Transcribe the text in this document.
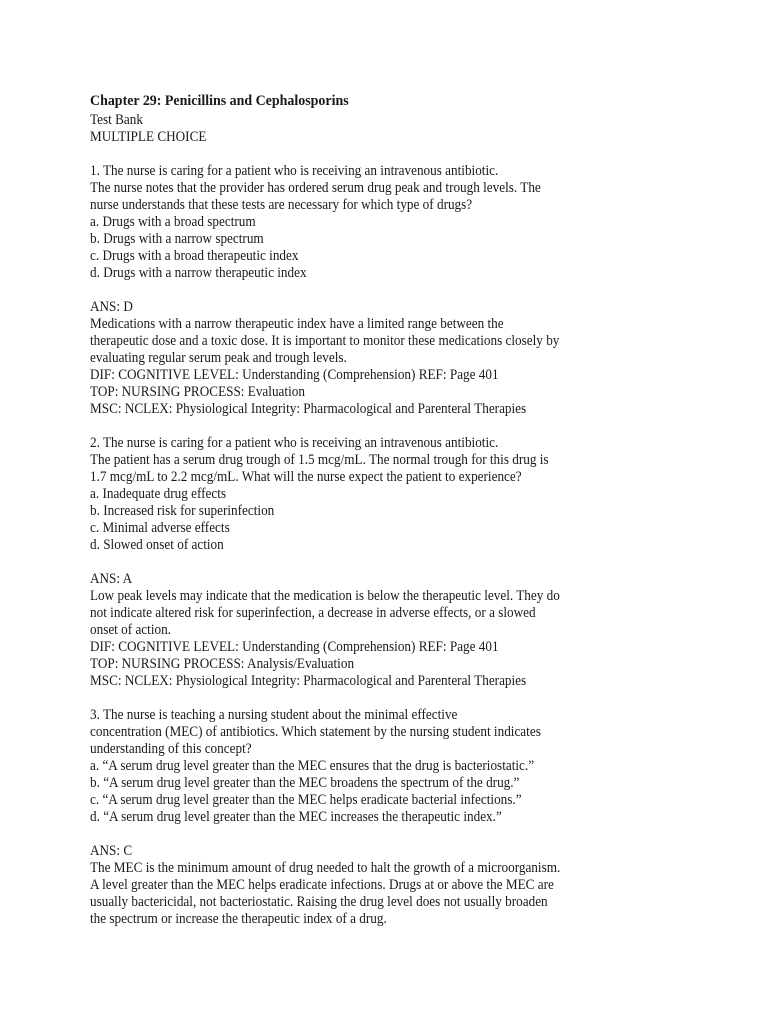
Chapter 29: Penicillins and Cephalosporins
Test Bank
MULTIPLE CHOICE
1. The nurse is caring for a patient who is receiving an intravenous antibiotic.
The nurse notes that the provider has ordered serum drug peak and trough levels. The
nurse understands that these tests are necessary for which type of drugs?
a. Drugs with a broad spectrum
b. Drugs with a narrow spectrum
c. Drugs with a broad therapeutic index
d. Drugs with a narrow therapeutic index
ANS: D
Medications with a narrow therapeutic index have a limited range between the
therapeutic dose and a toxic dose. It is important to monitor these medications closely by
evaluating regular serum peak and trough levels.
DIF: COGNITIVE LEVEL: Understanding (Comprehension) REF: Page 401
TOP: NURSING PROCESS: Evaluation
MSC: NCLEX: Physiological Integrity: Pharmacological and Parenteral Therapies
2. The nurse is caring for a patient who is receiving an intravenous antibiotic.
The patient has a serum drug trough of 1.5 mcg/mL. The normal trough for this drug is
1.7 mcg/mL to 2.2 mcg/mL. What will the nurse expect the patient to experience?
a. Inadequate drug effects
b. Increased risk for superinfection
c. Minimal adverse effects
d. Slowed onset of action
ANS: A
Low peak levels may indicate that the medication is below the therapeutic level. They do
not indicate altered risk for superinfection, a decrease in adverse effects, or a slowed
onset of action.
DIF: COGNITIVE LEVEL: Understanding (Comprehension) REF: Page 401
TOP: NURSING PROCESS: Analysis/Evaluation
MSC: NCLEX: Physiological Integrity: Pharmacological and Parenteral Therapies
3. The nurse is teaching a nursing student about the minimal effective
concentration (MEC) of antibiotics. Which statement by the nursing student indicates
understanding of this concept?
a. “A serum drug level greater than the MEC ensures that the drug is bacteriostatic.”
b. “A serum drug level greater than the MEC broadens the spectrum of the drug.”
c. “A serum drug level greater than the MEC helps eradicate bacterial infections.”
d. “A serum drug level greater than the MEC increases the therapeutic index.”
ANS: C
The MEC is the minimum amount of drug needed to halt the growth of a microorganism.
A level greater than the MEC helps eradicate infections. Drugs at or above the MEC are
usually bactericidal, not bacteriostatic. Raising the drug level does not usually broaden
the spectrum or increase the therapeutic index of a drug.
